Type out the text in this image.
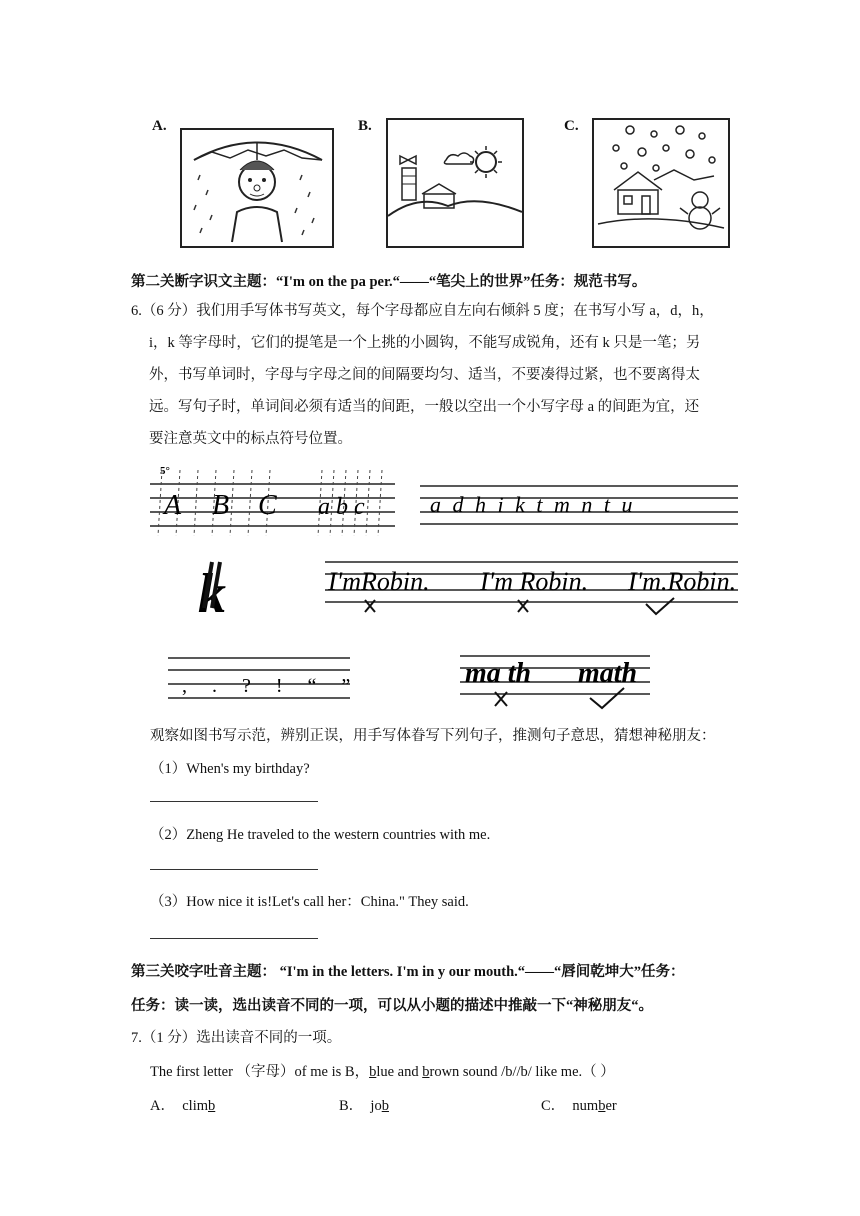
A.	B.	C.
第二关断字识文主题：“I'm on the pa per.“——“笔尖上的世界”任务：规范书写。
6.（6 分）我们用手写体书写英文，每个字母都应自左向右倾斜 5 度；在书写小写 a，d，h，
i，k 等字母时，它们的提笔是一个上挑的小圆钩，不能写成锐角，还有 k 只是一笔；另
外，书写单词时，字母与字母之间的间隔要均匀、适当，不要凑得过紧，也不要离得太
远。写句子时，单词间必须有适当的间距，一般以空出一个小写字母 a 的间距为宜，还
要注意英文中的标点符号位置。
5°
A B C abc	a d h i k t m n t u
k	I'mRobin. I'm Robin. I'm.Robin.
, . ? ! “ ”	ma th math
观察如图书写示范，辨别正误，用手写体眷写下列句子，推测句子意思，猜想神秘朋友：
（1）When's my birthday?
（2）Zheng He traveled to the western countries with me.
（3）How nice it is!Let's call her：China." They said.
第三关咬字吐音主题： “I'm in the letters. I'm in y our mouth.“——“唇间乾坤大”任务：
任务：读一读，选出读音不同的一项，可以从小题的描述中推敲一下“神秘朋友“。
7.（1 分）选出读音不同的一项。
The first letter （字母）of me is B，blue and brown sound /b//b/ like me.（ ）
A． climb	B． job	C． number
